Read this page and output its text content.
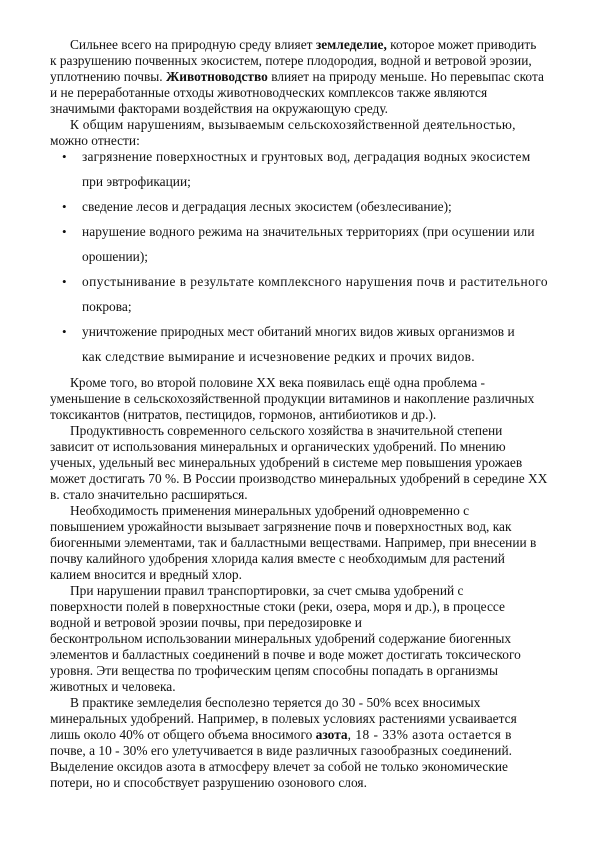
Сильнее всего на природную среду влияет земледелие, которое может приводить
к разрушению почвенных экосистем, потере плодородия, водной и ветровой эрозии,
уплотнению почвы. Животноводство влияет на природу меньше. Но перевыпас скота
и не переработанные отходы животноводческих комплексов также являются
значимыми факторами воздействия на окружающую среду.
К общим нарушениям, вызываемым сельскохозяйственной деятельностью,
можно отнести:
• загрязнение поверхностных и грунтовых вод, деградация водных экосистем
при эвтрофикации;
• сведение лесов и деградация лесных экосистем (обезлесивание);
• нарушение водного режима на значительных территориях (при осушении или
орошении);
• опустынивание в результате комплексного нарушения почв и растительного
покрова;
• уничтожение природных мест обитаний многих видов живых организмов и
как следствие вымирание и исчезновение редких и прочих видов.
Кроме того, во второй половине XX века появилась ещё одна проблема -
уменьшение в сельскохозяйственной продукции витаминов и накопление различных
токсикантов (нитратов, пестицидов, гормонов, антибиотиков и др.).
Продуктивность современного сельского хозяйства в значительной степени
зависит от использования минеральных и органических удобрений. По мнению
ученых, удельный вес минеральных удобрений в системе мер повышения урожаев
может достигать 70 %. В России производство минеральных удобрений в середине XX
в. стало значительно расширяться.
Необходимость применения минеральных удобрений одновременно с
повышением урожайности вызывает загрязнение почв и поверхностных вод, как
биогенными элементами, так и балластными веществами. Например, при внесении в
почву калийного удобрения хлорида калия вместе с необходимым для растений
калием вносится и вредный хлор.
При нарушении правил транспортировки, за счет смыва удобрений с
поверхности полей в поверхностные стоки (реки, озера, моря и др.), в процессе
водной и ветровой эрозии почвы, при передозировке и
бесконтрольном использовании минеральных удобрений содержание биогенных
элементов и балластных соединений в почве и воде может достигать токсического
уровня. Эти вещества по трофическим цепям способны попадать в организмы
животных и человека.
В практике земледелия бесполезно теряется до 30 - 50% всех вносимых
минеральных удобрений. Например, в полевых условиях растениями усваивается
лишь около 40% от общего объема вносимого азота, 18 - 33% азота остается в
почве, а 10 - 30% его улетучивается в виде различных газообразных соединений.
Выделение оксидов азота в атмосферу влечет за собой не только экономические
потери, но и способствует разрушению озонового слоя.
